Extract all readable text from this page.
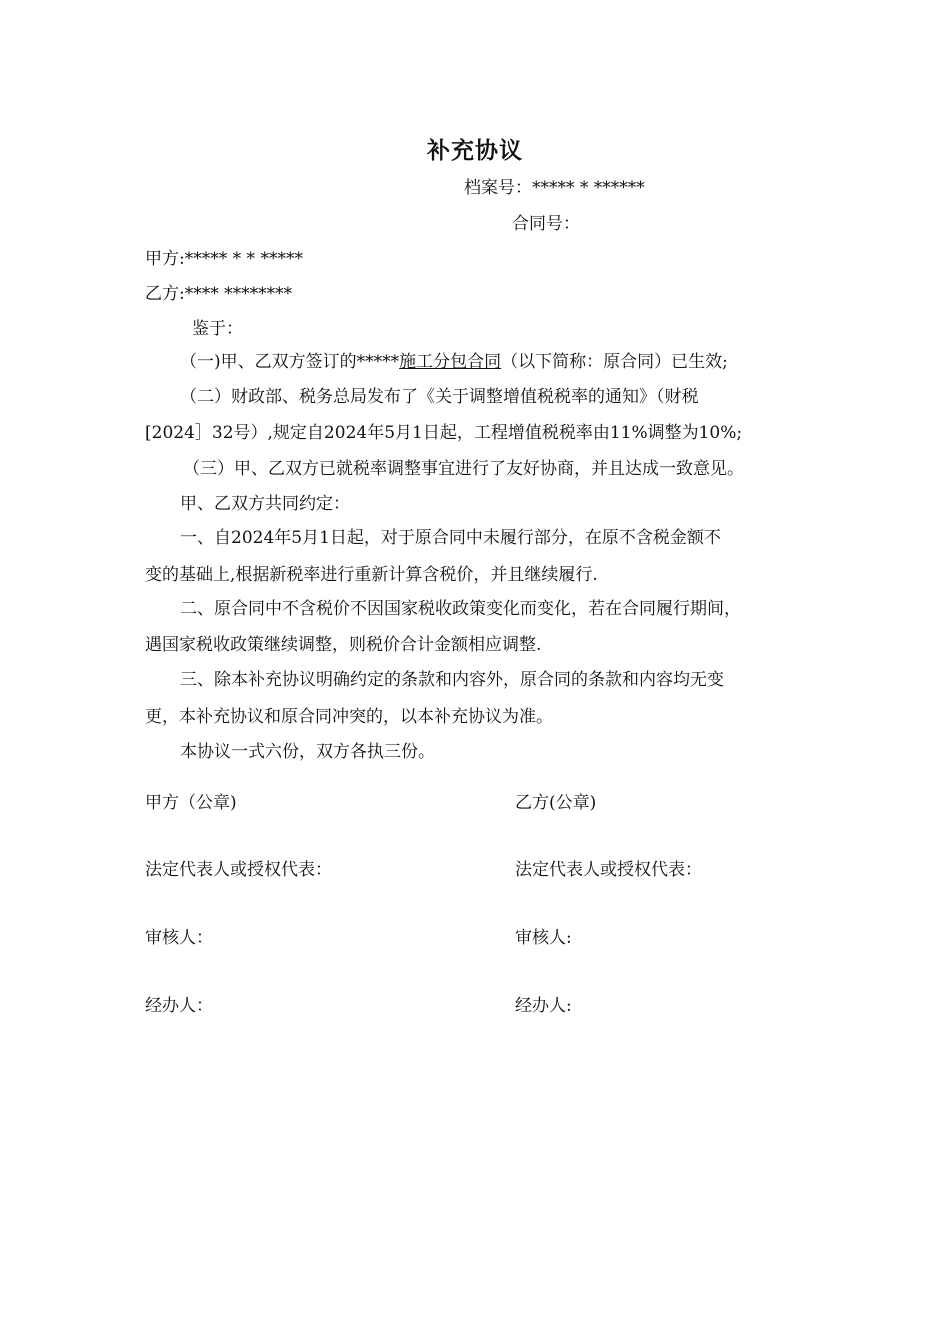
补充协议
档案号：***** * ******
合同号：
甲方:***** * * *****
乙方:**** ********
鉴于：
（一)甲、乙双方签订的*****施工分包合同（以下简称：原合同）已生效;
（二）财政部、税务总局发布了《关于调整增值税税率的通知》（财税
[2024］32号）,规定自2024年5月1日起，工程增值税税率由11%调整为10%;
（三）甲、乙双方已就税率调整事宜进行了友好协商，并且达成一致意见。
甲、乙双方共同约定：
一、自2024年5月1日起，对于原合同中未履行部分，在原不含税金额不
变的基础上,根据新税率进行重新计算含税价，并且继续履行.
二、原合同中不含税价不因国家税收政策变化而变化，若在合同履行期间，
遇国家税收政策继续调整，则税价合计金额相应调整.
三、除本补充协议明确约定的条款和内容外，原合同的条款和内容均无变
更，本补充协议和原合同冲突的，以本补充协议为准。
本协议一式六份，双方各执三份。
甲方（公章)	乙方(公章)
法定代表人或授权代表：	法定代表人或授权代表：
审核人：	审核人:
经办人：	经办人:
